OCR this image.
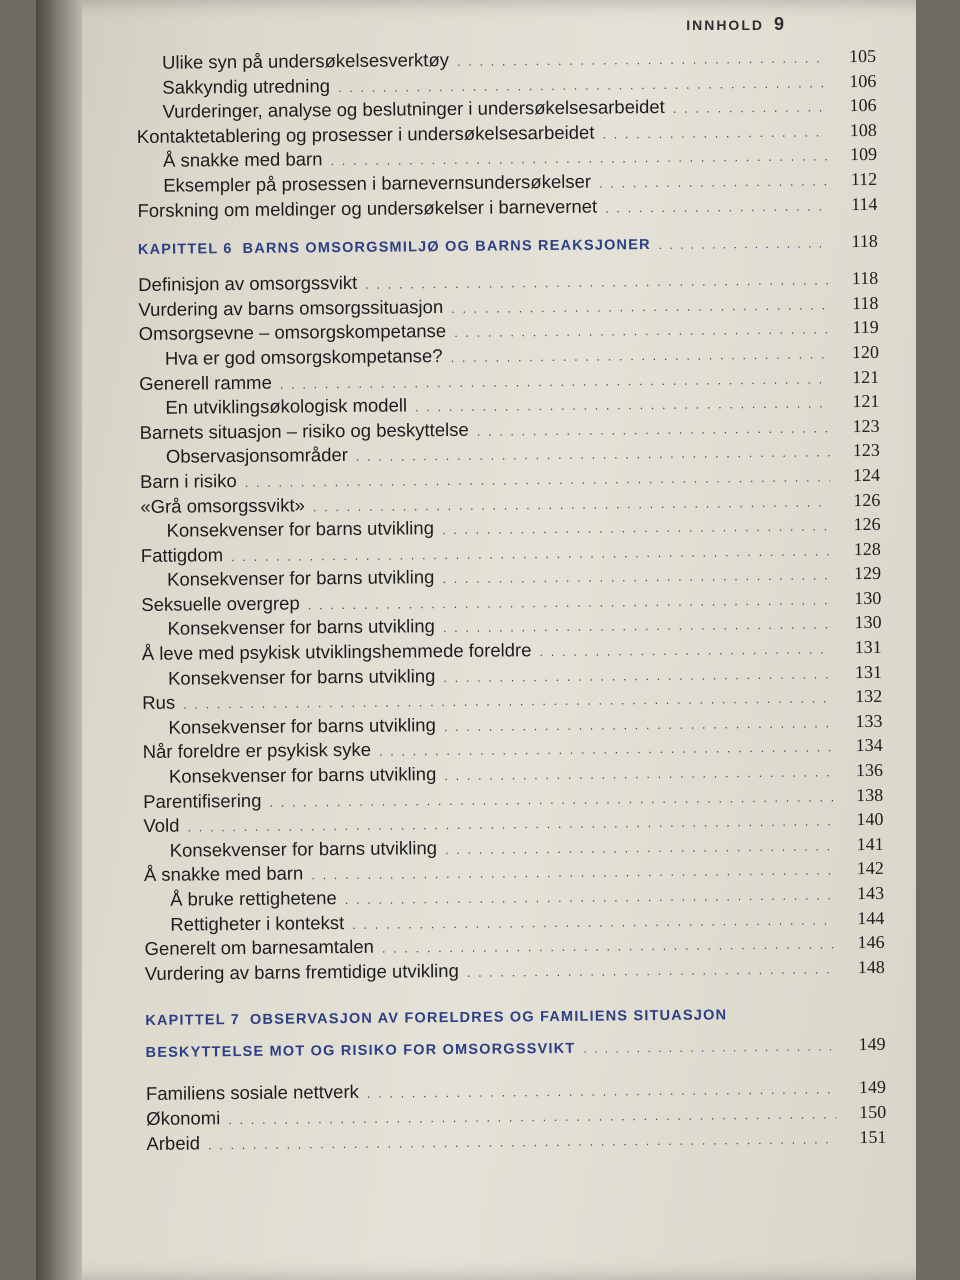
INNHOLD 9
Ulike syn på undersøkelsesverktøy . . .	105
Sakkyndig utredning . . .	106
Vurderinger, analyse og beslutninger i undersøkelsesarbeidet . . .	106
Kontaktetablering og prosesser i undersøkelsesarbeidet . . .	108
Å snakke med barn . . .	109
Eksempler på prosessen i barnevernsundersøkelser . . .	112
Forskning om meldinger og undersøkelser i barnevernet . . .	114
KAPITTEL 6 BARNS OMSORGSMILJØ OG BARNS REAKSJONER . . .	118
Definisjon av omsorgssvikt . . .	118
Vurdering av barns omsorgssituasjon . . .	118
Omsorgsevne – omsorgskompetanse . . .	119
Hva er god omsorgskompetanse? . . .	120
Generell ramme . . .	121
En utviklingsøkologisk modell . . .	121
Barnets situasjon – risiko og beskyttelse . . .	123
Observasjonsområder . . .	123
Barn i risiko . . .	124
«Grå omsorgssvikt» . . .	126
Konsekvenser for barns utvikling . . .	126
Fattigdom . . .	128
Konsekvenser for barns utvikling . . .	129
Seksuelle overgrep . . .	130
Konsekvenser for barns utvikling . . .	130
Å leve med psykisk utviklingshemmede foreldre . . .	131
Konsekvenser for barns utvikling . . .	131
Rus . . .	132
Konsekvenser for barns utvikling . . .	133
Når foreldre er psykisk syke . . .	134
Konsekvenser for barns utvikling . . .	136
Parentifisering . . .	138
Vold . . .	140
Konsekvenser for barns utvikling . . .	141
Å snakke med barn . . .	142
Å bruke rettighetene . . .	143
Rettigheter i kontekst . . .	144
Generelt om barnesamtalen . . .	146
Vurdering av barns fremtidige utvikling . . .	148
KAPITTEL 7 OBSERVASJON AV FORELDRES OG FAMILIENS SITUASJON
BESKYTTELSE MOT OG RISIKO FOR OMSORGSSVIKT . . .	149
Familiens sosiale nettverk . . .	149
Økonomi . . .	150
Arbeid . . .	151
